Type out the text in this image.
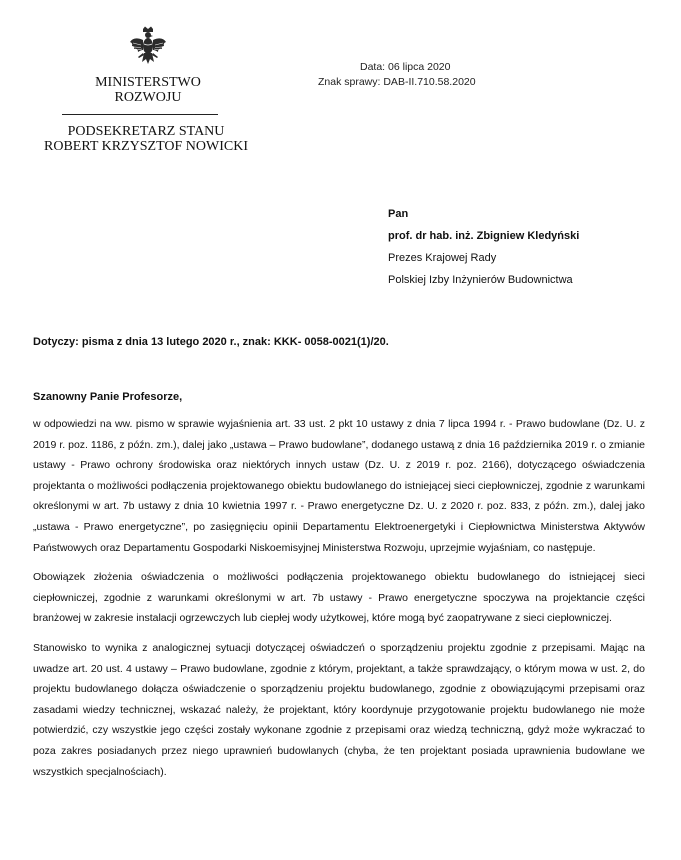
MINISTERSTWO
ROZWOJU
PODSEKRETARZ STANU
ROBERT KRZYSZTOF NOWICKI
Data: 06 lipca 2020
Znak sprawy: DAB-II.710.58.2020
Pan
prof. dr hab. inż. Zbigniew Kledyński
Prezes Krajowej Rady
Polskiej Izby Inżynierów Budownictwa
Dotyczy: pisma z dnia 13 lutego 2020 r., znak: KKK- 0058-0021(1)/20.
Szanowny Panie Profesorze,

w odpowiedzi na ww. pismo w sprawie wyjaśnienia art. 33 ust. 2 pkt 10 ustawy z dnia 7 lipca 1994 r. - Prawo budowlane (Dz. U. z 2019 r. poz. 1186, z późn. zm.), dalej jako „ustawa – Prawo budowlane”, dodanego ustawą z dnia 16 października 2019 r. o zmianie ustawy - Prawo ochrony środowiska oraz niektórych innych ustaw (Dz. U. z 2019 r. poz. 2166), dotyczącego oświadczenia projektanta o możliwości podłączenia projektowanego obiektu budowlanego do istniejącej sieci ciepłowniczej, zgodnie z warunkami określonymi w art. 7b ustawy z dnia 10 kwietnia 1997 r. - Prawo energetyczne Dz. U. z 2020 r. poz. 833, z późn. zm.), dalej jako „ustawa - Prawo energetyczne”, po zasięgnięciu opinii Departamentu Elektroenergetyki i Ciepłownictwa Ministerstwa Aktywów Państwowych oraz Departamentu Gospodarki Niskoemisyjnej Ministerstwa Rozwoju, uprzejmie wyjaśniam, co następuje.

Obowiązek złożenia oświadczenia o możliwości podłączenia projektowanego obiektu budowlanego do istniejącej sieci ciepłowniczej, zgodnie z warunkami określonymi w art. 7b ustawy - Prawo energetyczne spoczywa na projektancie części branżowej w zakresie instalacji ogrzewczych lub ciepłej wody użytkowej, które mogą być zaopatrywane z sieci ciepłowniczej.

Stanowisko to wynika z analogicznej sytuacji dotyczącej oświadczeń o sporządzeniu projektu zgodnie z przepisami. Mając na uwadze art. 20 ust. 4 ustawy – Prawo budowlane, zgodnie z którym, projektant, a także sprawdzający, o którym mowa w ust. 2, do projektu budowlanego dołącza oświadczenie o sporządzeniu projektu budowlanego, zgodnie z obowiązującymi przepisami oraz zasadami wiedzy technicznej, wskazać należy, że projektant, który koordynuje przygotowanie projektu budowlanego nie może potwierdzić, czy wszystkie jego części zostały wykonane zgodnie z przepisami oraz wiedzą techniczną, gdyż może wykraczać to poza zakres posiadanych przez niego uprawnień budowlanych (chyba, że ten projektant posiada uprawnienia budowlane we wszystkich specjalnościach).
